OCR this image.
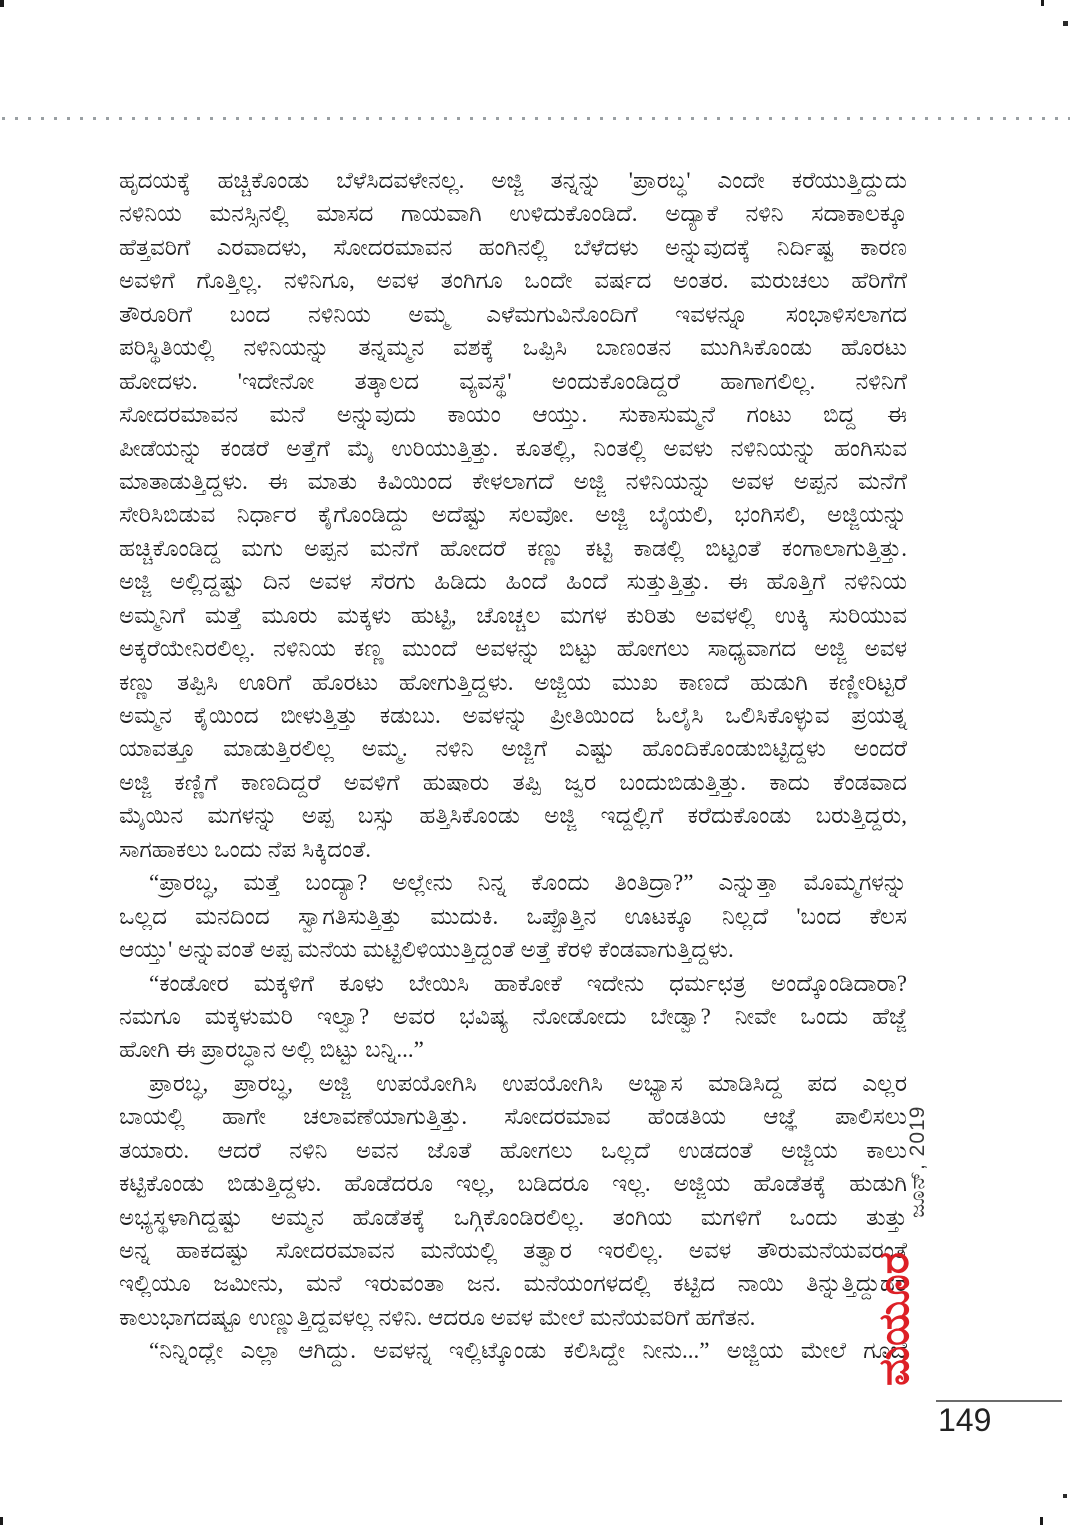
ಹೃದಯಕ್ಕೆ ಹಚ್ಚಿಕೊಂಡು ಬೆಳೆಸಿದವಳೇನಲ್ಲ. ಅಜ್ಜಿ ತನ್ನನ್ನು 'ಪ್ರಾರಬ್ಧ' ಎಂದೇ ಕರೆಯುತ್ತಿದ್ದುದು
ನಳಿನಿಯ ಮನಸ್ಸಿನಲ್ಲಿ ಮಾಸದ ಗಾಯವಾಗಿ ಉಳಿದುಕೊಂಡಿದೆ. ಅದ್ಯಾಕೆ ನಳಿನಿ ಸದಾಕಾಲಕ್ಕೂ
ಹೆತ್ತವರಿಗೆ ಎರವಾದಳು, ಸೋದರಮಾವನ ಹಂಗಿನಲ್ಲಿ ಬೆಳೆದಳು ಅನ್ನುವುದಕ್ಕೆ ನಿರ್ದಿಷ್ಟ ಕಾರಣ
ಅವಳಿಗೆ ಗೊತ್ತಿಲ್ಲ. ನಳಿನಿಗೂ, ಅವಳ ತಂಗಿಗೂ ಒಂದೇ ವರ್ಷದ ಅಂತರ. ಮರುಚಲು ಹೆರಿಗೆಗೆ
ತೌರೂರಿಗೆ ಬಂದ ನಳಿನಿಯ ಅಮ್ಮ ಎಳೆಮಗುವಿನೊಂದಿಗೆ ಇವಳನ್ನೂ ಸಂಭಾಳಿಸಲಾಗದ
ಪರಿಸ್ಥಿತಿಯಲ್ಲಿ ನಳಿನಿಯನ್ನು ತನ್ನಮ್ಮನ ವಶಕ್ಕೆ ಒಪ್ಪಿಸಿ ಬಾಣಂತನ ಮುಗಿಸಿಕೊಂಡು ಹೊರಟು
ಹೋದಳು. 'ಇದೇನೋ ತತ್ಕಾಲದ ವ್ಯವಸ್ಥೆ' ಅಂದುಕೊಂಡಿದ್ದರೆ ಹಾಗಾಗಲಿಲ್ಲ. ನಳಿನಿಗೆ
ಸೋದರಮಾವನ ಮನೆ ಅನ್ನುವುದು ಕಾಯಂ ಆಯ್ತು. ಸುಕಾಸುಮ್ಮನೆ ಗಂಟು ಬಿದ್ದ ಈ
ಪೀಡೆಯನ್ನು ಕಂಡರೆ ಅತ್ತೆಗೆ ಮೈ ಉರಿಯುತ್ತಿತ್ತು. ಕೂತಲ್ಲಿ, ನಿಂತಲ್ಲಿ ಅವಳು ನಳಿನಿಯನ್ನು ಹಂಗಿಸುವ
ಮಾತಾಡುತ್ತಿದ್ದಳು. ಈ ಮಾತು ಕಿವಿಯಿಂದ ಕೇಳಲಾಗದೆ ಅಜ್ಜಿ ನಳಿನಿಯನ್ನು ಅವಳ ಅಪ್ಪನ ಮನೆಗೆ
ಸೇರಿಸಿಬಿಡುವ ನಿರ್ಧಾರ ಕೈಗೊಂಡಿದ್ದು ಅದೆಷ್ಟು ಸಲವೋ. ಅಜ್ಜಿ ಬೈಯಲಿ, ಭಂಗಿಸಲಿ, ಅಜ್ಜಿಯನ್ನು
ಹಚ್ಚಿಕೊಂಡಿದ್ದ ಮಗು ಅಪ್ಪನ ಮನೆಗೆ ಹೋದರೆ ಕಣ್ಣು ಕಟ್ಟಿ ಕಾಡಲ್ಲಿ ಬಿಟ್ಟಂತೆ ಕಂಗಾಲಾಗುತ್ತಿತ್ತು.
ಅಜ್ಜಿ ಅಲ್ಲಿದ್ದಷ್ಟು ದಿನ ಅವಳ ಸೆರಗು ಹಿಡಿದು ಹಿಂದೆ ಹಿಂದೆ ಸುತ್ತುತ್ತಿತ್ತು. ಈ ಹೊತ್ತಿಗೆ ನಳಿನಿಯ
ಅಮ್ಮನಿಗೆ ಮತ್ತೆ ಮೂರು ಮಕ್ಕಳು ಹುಟ್ಟಿ, ಚೊಚ್ಚಲ ಮಗಳ ಕುರಿತು ಅವಳಲ್ಲಿ ಉಕ್ಕಿ ಸುರಿಯುವ
ಅಕ್ಕರೆಯೇನಿರಲಿಲ್ಲ. ನಳಿನಿಯ ಕಣ್ಣ ಮುಂದೆ ಅವಳನ್ನು ಬಿಟ್ಟು ಹೋಗಲು ಸಾಧ್ಯವಾಗದ ಅಜ್ಜಿ ಅವಳ
ಕಣ್ಣು ತಪ್ಪಿಸಿ ಊರಿಗೆ ಹೊರಟು ಹೋಗುತ್ತಿದ್ದಳು. ಅಜ್ಜಿಯ ಮುಖ ಕಾಣದೆ ಹುಡುಗಿ ಕಣ್ಣೀರಿಟ್ಟರೆ
ಅಮ್ಮನ ಕೈಯಿಂದ ಬೀಳುತ್ತಿತ್ತು ಕಡುಬು. ಅವಳನ್ನು ಪ್ರೀತಿಯಿಂದ ಓಲೈಸಿ ಒಲಿಸಿಕೊಳ್ಳುವ ಪ್ರಯತ್ನ
ಯಾವತ್ತೂ ಮಾಡುತ್ತಿರಲಿಲ್ಲ ಅಮ್ಮ. ನಳಿನಿ ಅಜ್ಜಿಗೆ ಎಷ್ಟು ಹೊಂದಿಕೊಂಡುಬಿಟ್ಟಿದ್ದಳು ಅಂದರೆ
ಅಜ್ಜಿ ಕಣ್ಣಿಗೆ ಕಾಣದಿದ್ದರೆ ಅವಳಿಗೆ ಹುಷಾರು ತಪ್ಪಿ ಜ್ವರ ಬಂದುಬಿಡುತ್ತಿತ್ತು. ಕಾದು ಕೆಂಡವಾದ
ಮೈಯಿನ ಮಗಳನ್ನು ಅಪ್ಪ ಬಸ್ಸು ಹತ್ತಿಸಿಕೊಂಡು ಅಜ್ಜಿ ಇದ್ದಲ್ಲಿಗೆ ಕರೆದುಕೊಂಡು ಬರುತ್ತಿದ್ದರು,
ಸಾಗಹಾಕಲು ಒಂದು ನೆಪ ಸಿಕ್ಕಿದಂತೆ.
“ಪ್ರಾರಬ್ಧ, ಮತ್ತೆ ಬಂದ್ಯಾ? ಅಲ್ಲೇನು ನಿನ್ನ ಕೊಂದು ತಿಂತಿದ್ರಾ?” ಎನ್ನುತ್ತಾ ಮೊಮ್ಮಗಳನ್ನು
ಒಲ್ಲದ ಮನದಿಂದ ಸ್ವಾಗತಿಸುತ್ತಿತ್ತು ಮುದುಕಿ. ಒಪ್ಪೊತ್ತಿನ ಊಟಕ್ಕೂ ನಿಲ್ಲದೆ 'ಬಂದ ಕೆಲಸ
ಆಯ್ತು' ಅನ್ನುವಂತೆ ಅಪ್ಪ ಮನೆಯ ಮಟ್ಟಿಲಿಳಿಯುತ್ತಿದ್ದಂತೆ ಅತ್ತೆ ಕೆರಳಿ ಕೆಂಡವಾಗುತ್ತಿದ್ದಳು.
“ಕಂಡೋರ ಮಕ್ಕಳಿಗೆ ಕೂಳು ಬೇಯಿಸಿ ಹಾಕೋಕೆ ಇದೇನು ಧರ್ಮಛತ್ರ ಅಂದ್ಕೊಂಡಿದಾರಾ?
ನಮಗೂ ಮಕ್ಕಳುಮರಿ ಇಲ್ವಾ? ಅವರ ಭವಿಷ್ಯ ನೋಡೋದು ಬೇಡ್ವಾ? ನೀವೇ ಒಂದು ಹೆಜ್ಜೆ
ಹೋಗಿ ಈ ಪ್ರಾರಬ್ಧಾನ ಅಲ್ಲಿ ಬಿಟ್ಟು ಬನ್ನಿ...”
ಪ್ರಾರಬ್ಧ, ಪ್ರಾರಬ್ಧ, ಅಜ್ಜಿ ಉಪಯೋಗಿಸಿ ಉಪಯೋಗಿಸಿ ಅಭ್ಯಾಸ ಮಾಡಿಸಿದ್ದ ಪದ ಎಲ್ಲರ
ಬಾಯಲ್ಲಿ ಹಾಗೇ ಚಲಾವಣೆಯಾಗುತ್ತಿತ್ತು. ಸೋದರಮಾವ ಹೆಂಡತಿಯ ಆಜ್ಞೆ ಪಾಲಿಸಲು
ತಯಾರು. ಆದರೆ ನಳಿನಿ ಅವನ ಜೊತೆ ಹೋಗಲು ಒಲ್ಲದೆ ಉಡದಂತೆ ಅಜ್ಜಿಯ ಕಾಲು
ಕಟ್ಟಿಕೊಂಡು ಬಿಡುತ್ತಿದ್ದಳು. ಹೊಡೆದರೂ ಇಲ್ಲ, ಬಡಿದರೂ ಇಲ್ಲ. ಅಜ್ಜಿಯ ಹೊಡೆತಕ್ಕೆ ಹುಡುಗಿ
ಅಭ್ಯಸ್ಥಳಾಗಿದ್ದಷ್ಟು ಅಮ್ಮನ ಹೊಡೆತಕ್ಕೆ ಒಗ್ಗಿಕೊಂಡಿರಲಿಲ್ಲ. ತಂಗಿಯ ಮಗಳಿಗೆ ಒಂದು ತುತ್ತು
ಅನ್ನ ಹಾಕದಷ್ಟು ಸೋದರಮಾವನ ಮನೆಯಲ್ಲಿ ತತ್ವಾರ ಇರಲಿಲ್ಲ. ಅವಳ ತೌರುಮನೆಯವರಂತೆ
ಇಲ್ಲಿಯೂ ಜಮೀನು, ಮನೆ ಇರುವಂತಾ ಜನ. ಮನೆಯಂಗಳದಲ್ಲಿ ಕಟ್ಟಿದ ನಾಯಿ ತಿನ್ನುತ್ತಿದ್ದುದರ
ಕಾಲುಭಾಗದಷ್ಟೂ ಉಣ್ಣುತ್ತಿದ್ದವಳಲ್ಲ ನಳಿನಿ. ಆದರೂ ಅವಳ ಮೇಲೆ ಮನೆಯವರಿಗೆ ಹಗೆತನ.
“ನಿನ್ನಿಂದ್ಲೇ ಎಲ್ಲಾ ಆಗಿದ್ದು. ಅವಳನ್ನ ಇಲ್ಲಿಟ್ಕೊಂಡು ಕಲಿಸಿದ್ದೇ ನೀನು...” ಅಜ್ಜಿಯ ಮೇಲೆ ಗೂಬೆ
ಜೂನ್, 2019
ಮಯೂರ
149
